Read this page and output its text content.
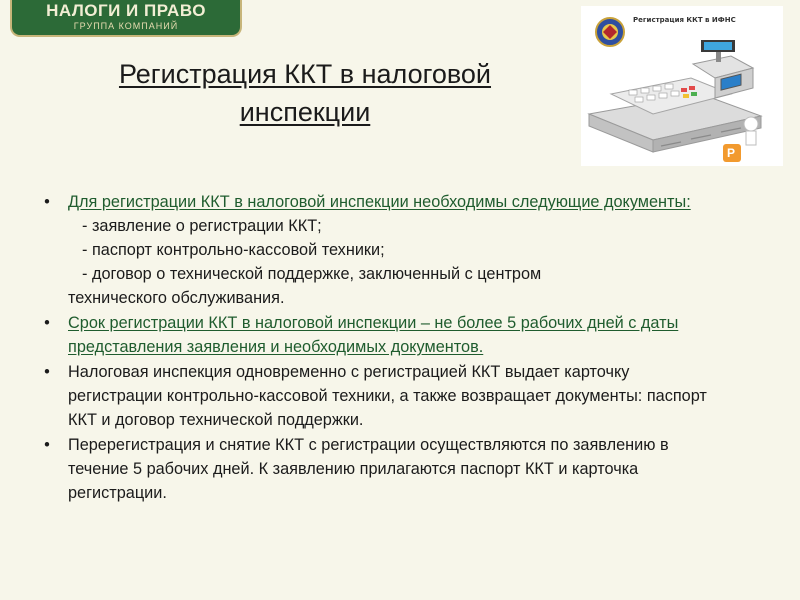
НАЛОГИ И ПРАВО
ГРУППА КОМПАНИЙ
Регистрация ККТ в налоговой
инспекции
Регистрация ККТ в ИФНС
Р
• Для регистрации ККТ в налоговой инспекции необходимы следующие документы:
- заявление о регистрации ККТ;
- паспорт контрольно-кассовой техники;
- договор о технической поддержке, заключенный с центром
технического обслуживания.
• Срок регистрации ККТ в налоговой инспекции – не более 5 рабочих дней с даты представления заявления и необходимых документов.
• Налоговая инспекция одновременно с регистрацией ККТ выдает карточку регистрации контрольно-кассовой техники, а также возвращает документы: паспорт ККТ и договор технической поддержки.
• Перерегистрация и снятие ККТ с регистрации осуществляются по заявлению в течение 5 рабочих дней. К заявлению прилагаются паспорт ККТ и карточка регистрации.
